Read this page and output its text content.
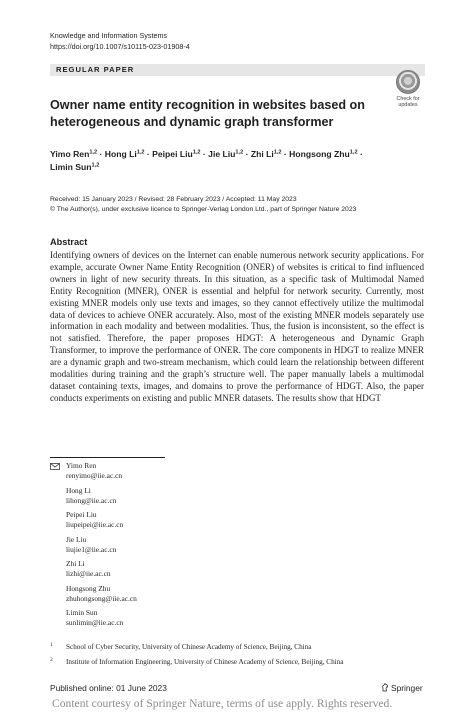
Knowledge and Information Systems
https://doi.org/10.1007/s10115-023-01908-4
REGULAR PAPER
Check for
updates
Owner name entity recognition in websites based on heterogeneous and dynamic graph transformer
Yimo Ren$^{1,2}$ · Hong Li$^{1,2}$ · Peipei Liu$^{1,2}$ · Jie Liu$^{1,2}$ · Zhi Li$^{1,2}$ · Hongsong Zhu$^{1,2}$ ·
Limin Sun$^{1,2}$
Received: 15 January 2023 / Revised: 28 February 2023 / Accepted: 11 May 2023
© The Author(s), under exclusive licence to Springer-Verlag London Ltd., part of Springer Nature 2023
Abstract
Identifying owners of devices on the Internet can enable numerous network security applications. For example, accurate Owner Name Entity Recognition (ONER) of websites is critical to find influenced owners in light of new security threats. In this situation, as a specific task of Multimodal Named Entity Recognition (MNER), ONER is essential and helpful for network security. Currently, most existing MNER models only use texts and images, so they cannot effectively utilize the multimodal data of devices to achieve ONER accurately. Also, most of the existing MNER models separately use information in each modality and between modalities. Thus, the fusion is inconsistent, so the effect is not satisfied. Therefore, the paper proposes HDGT: A heterogeneous and Dynamic Graph Transformer, to improve the performance of ONER. The core components in HDGT to realize MNER are a dynamic graph and two-stream mechanism, which could learn the relationship between different modalities during training and the graph’s structure well. The paper manually labels a multimodal dataset containing texts, images, and domains to prove the performance of HDGT. Also, the paper conducts experiments on existing and public MNER datasets. The results show that HDGT
Yimo Ren
renyimo@iie.ac.cn
Hong Li
lihong@iie.ac.cn
Peipei Liu
liupeipei@iie.ac.cn
Jie Liu
liujie1@iie.ac.cn
Zhi Li
lizhi@iie.ac.cn
Hongsong Zhu
zhuhongsong@iie.ac.cn
Limin Sun
sunlimin@iie.ac.cn
1 School of Cyber Security, University of Chinese Academy of Science, Beijing, China
2 Institute of Information Engineering, University of Chinese Academy of Science, Beijing, China
Published online: 01 June 2023	Springer
Content courtesy of Springer Nature, terms of use apply. Rights reserved.
